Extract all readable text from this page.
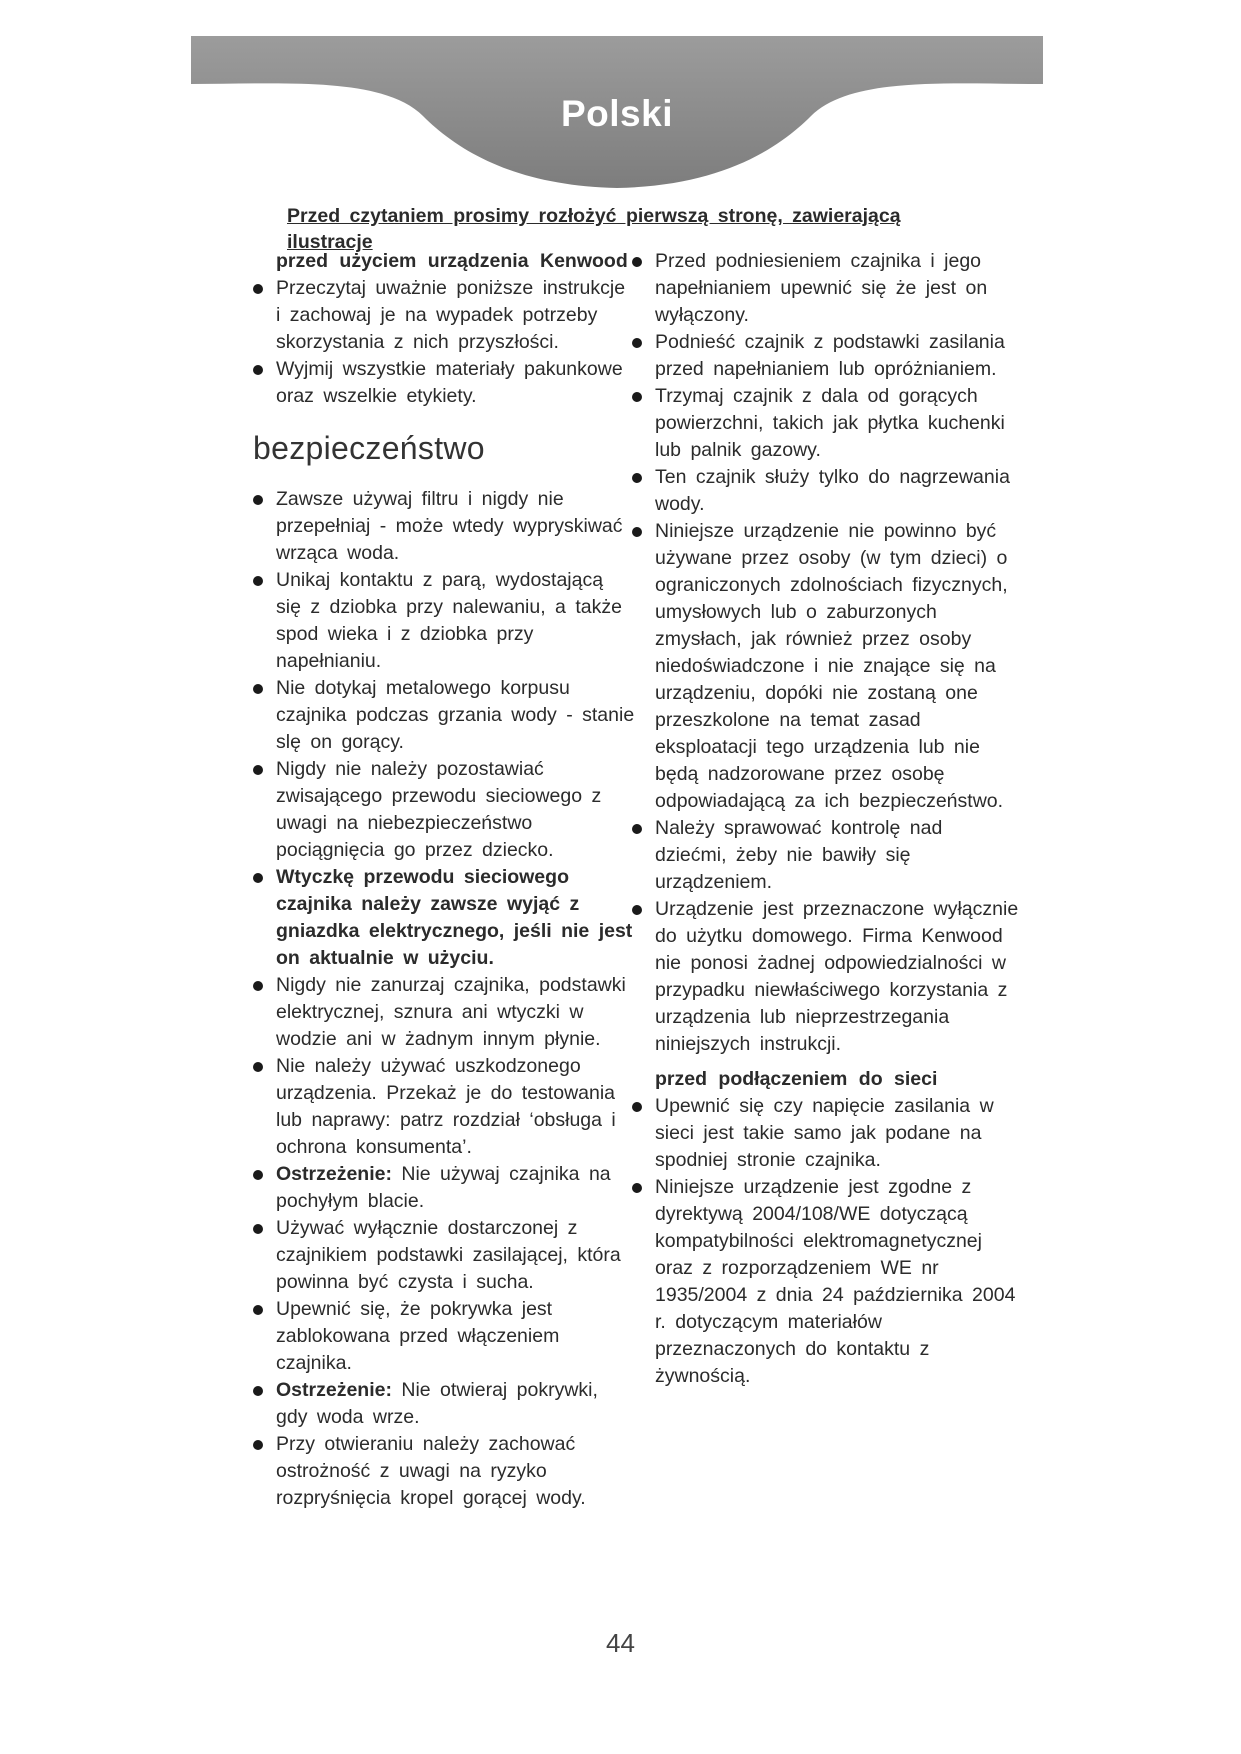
Polski
Przed czytaniem prosimy rozłożyć pierwszą stronę, zawierającą ilustracje

przed użyciem urządzenia Kenwood

Przeczytaj uważnie poniższe instrukcje i zachowaj je na wypadek potrzeby skorzystania z nich przyszłości.
Wyjmij wszystkie materiały pakunkowe oraz wszelkie etykiety.
bezpieczeństwo
Zawsze używaj filtru i nigdy nie przepełniaj - może wtedy wypryskiwać wrząca woda.
Unikaj kontaktu z parą, wydostającą się z dziobka przy nalewaniu, a także spod wieka i z dziobka przy napełnianiu.
Nie dotykaj metalowego korpusu czajnika podczas grzania wody - stanie slę on gorący.
Nigdy nie należy pozostawiać zwisającego przewodu sieciowego z uwagi na niebezpieczeństwo pociągnięcia go przez dziecko.
Wtyczkę przewodu sieciowego czajnika należy zawsze wyjąć z gniazdka elektrycznego, jeśli nie jest on aktualnie w użyciu.
Nigdy nie zanurzaj czajnika, podstawki elektrycznej, sznura ani wtyczki w wodzie ani w żadnym innym płynie.
Nie należy używać uszkodzonego urządzenia. Przekaż je do testowania lub naprawy: patrz rozdział ‘obsługa i ochrona konsumenta’.
Ostrzeżenie: Nie używaj czajnika na pochyłym blacie.
Używać wyłącznie dostarczonej z czajnikiem podstawki zasilającej, która powinna być czysta i sucha.
Upewnić się, że pokrywka jest zablokowana przed włączeniem czajnika.
Ostrzeżenie: Nie otwieraj pokrywki, gdy woda wrze.
Przy otwieraniu należy zachować ostrożność z uwagi na ryzyko rozpryśnięcia kropel gorącej wody.
Przed podniesieniem czajnika i jego napełnianiem upewnić się że jest on wyłączony.
Podnieść czajnik z podstawki zasilania przed napełnianiem lub opróżnianiem.
Trzymaj czajnik z dala od gorących powierzchni, takich jak płytka kuchenki lub palnik gazowy.
Ten czajnik służy tylko do nagrzewania wody.
Niniejsze urządzenie nie powinno być używane przez osoby (w tym dzieci) o ograniczonych zdolnościach fizycznych, umysłowych lub o zaburzonych zmysłach, jak również przez osoby niedoświadczone i nie znające się na urządzeniu, dopóki nie zostaną one przeszkolone na temat zasad eksploatacji tego urządzenia lub nie będą nadzorowane przez osobę odpowiadającą za ich bezpieczeństwo.
Należy sprawować kontrolę nad dziećmi, żeby nie bawiły się urządzeniem.
Urządzenie jest przeznaczone wyłącznie do użytku domowego. Firma Kenwood nie ponosi żadnej odpowiedzialności w przypadku niewłaściwego korzystania z urządzenia lub nieprzestrzegania niniejszych instrukcji.

przed podłączeniem do sieci

Upewnić się czy napięcie zasilania w sieci jest takie samo jak podane na spodniej stronie czajnika.
Niniejsze urządzenie jest zgodne z dyrektywą 2004/108/WE dotyczącą kompatybilności elektromagnetycznej oraz z rozporządzeniem WE nr 1935/2004 z dnia 24 października 2004 r. dotyczącym materiałów przeznaczonych do kontaktu z żywnością.
44
